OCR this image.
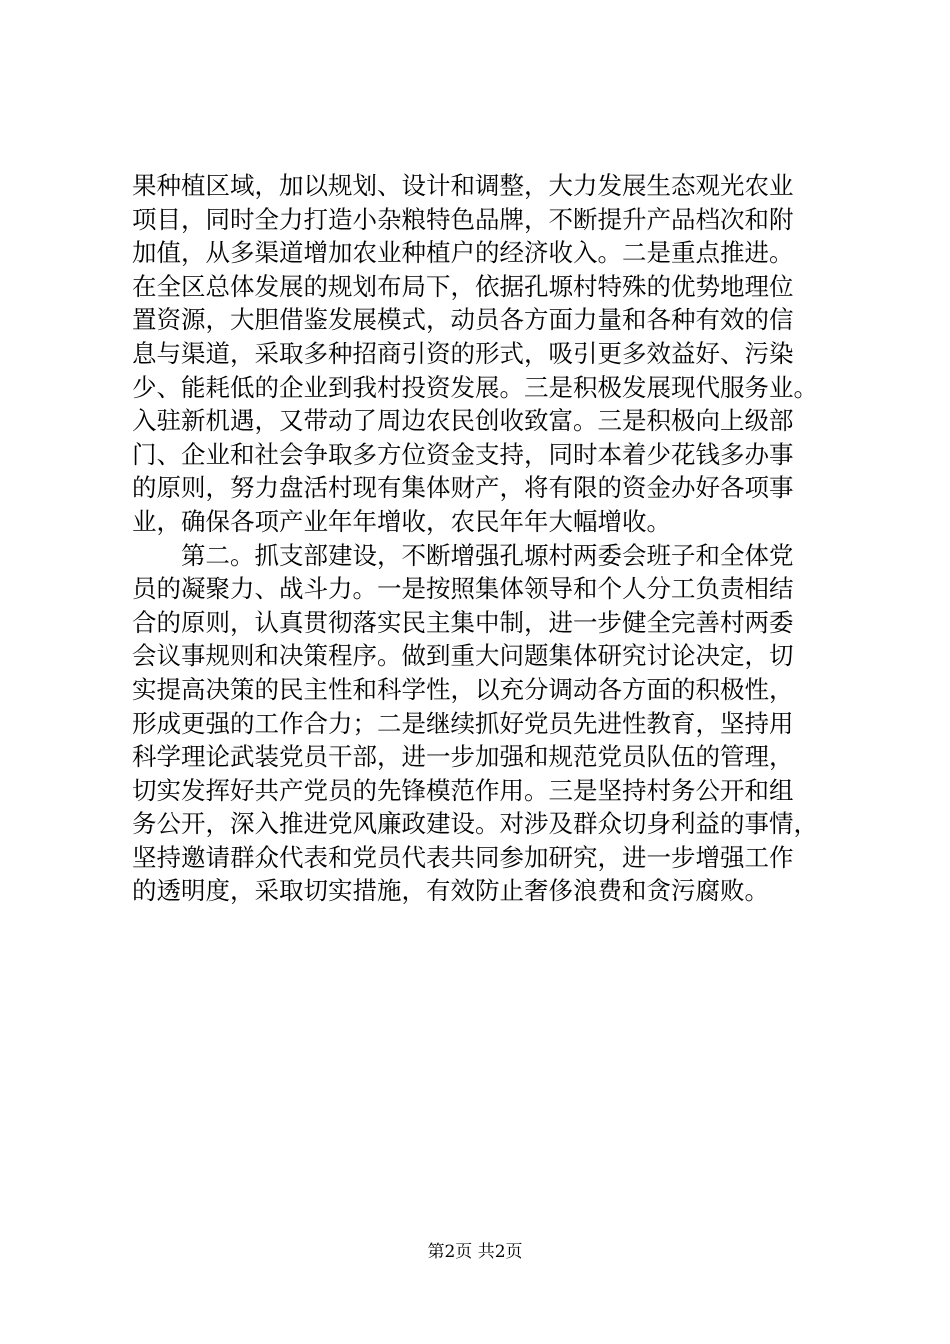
果种植区域，加以规划、设计和调整，大力发展生态观光农业
项目，同时全力打造小杂粮特色品牌，不断提升产品档次和附
加值，从多渠道增加农业种植户的经济收入。二是重点推进。
在全区总体发展的规划布局下，依据孔塬村特殊的优势地理位
置资源，大胆借鉴发展模式，动员各方面力量和各种有效的信
息与渠道，采取多种招商引资的形式，吸引更多效益好、污染
少、能耗低的企业到我村投资发展。三是积极发展现代服务业。
入驻新机遇，又带动了周边农民创收致富。三是积极向上级部
门、企业和社会争取多方位资金支持，同时本着少花钱多办事
的原则，努力盘活村现有集体财产，将有限的资金办好各项事
业，确保各项产业年年增收，农民年年大幅增收。
　　第二。抓支部建设，不断增强孔塬村两委会班子和全体党
员的凝聚力、战斗力。一是按照集体领导和个人分工负责相结
合的原则，认真贯彻落实民主集中制，进一步健全完善村两委
会议事规则和决策程序。做到重大问题集体研究讨论决定，切
实提高决策的民主性和科学性，以充分调动各方面的积极性，
形成更强的工作合力；二是继续抓好党员先进性教育，坚持用
科学理论武装党员干部，进一步加强和规范党员队伍的管理，
切实发挥好共产党员的先锋模范作用。三是坚持村务公开和组
务公开，深入推进党风廉政建设。对涉及群众切身利益的事情，
坚持邀请群众代表和党员代表共同参加研究，进一步增强工作
的透明度，采取切实措施，有效防止奢侈浪费和贪污腐败。
第2页 共2页
